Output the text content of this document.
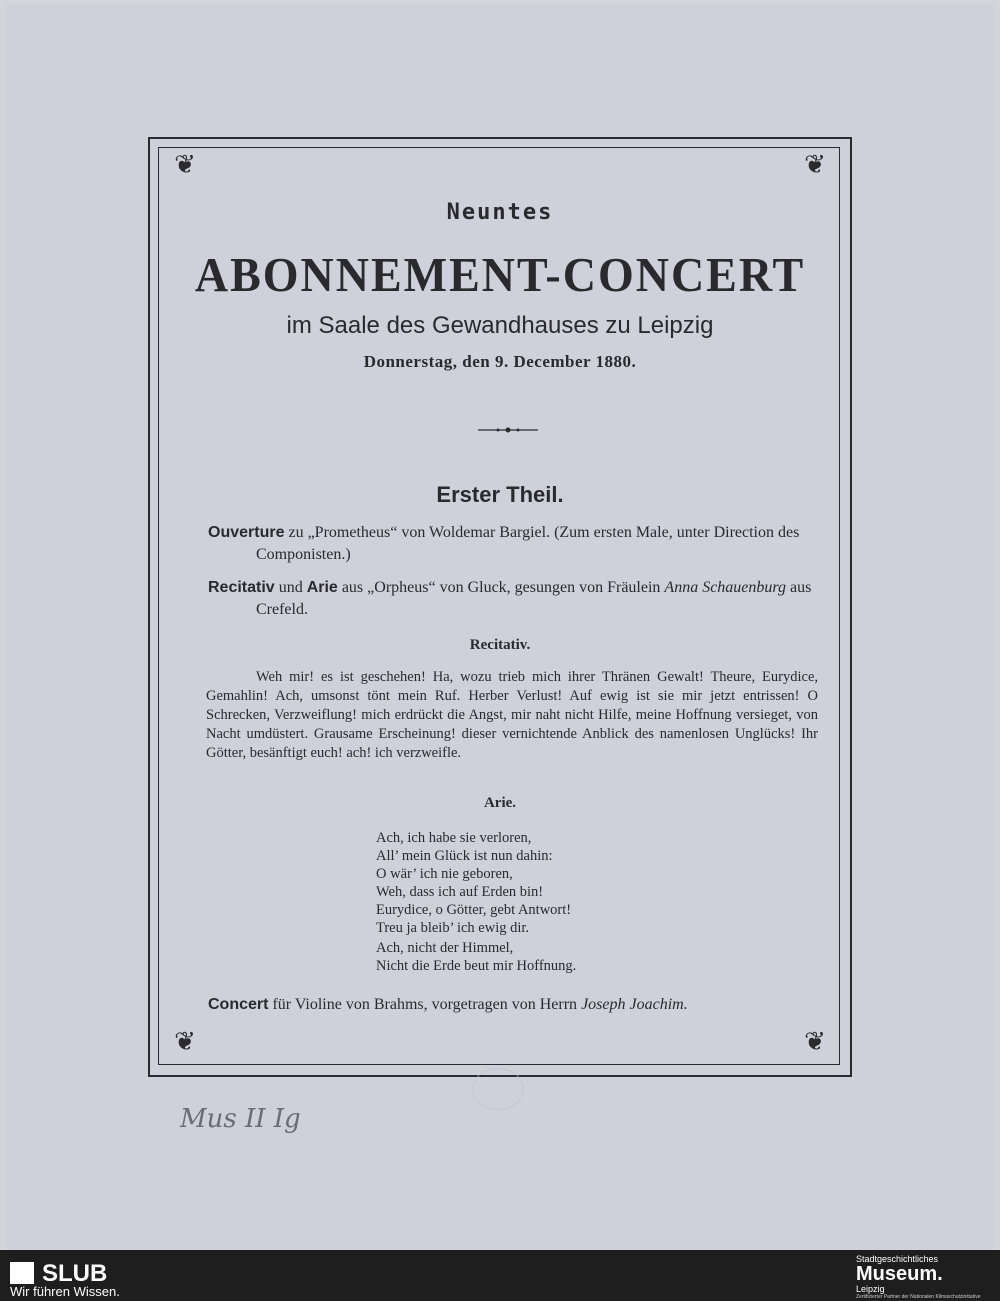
❦	❦
❦	❦
Neuntes
ABONNEMENT-CONCERT
im Saale des Gewandhauses zu Leipzig
Donnerstag, den 9. December 1880.
Erster Theil.
Ouverture zu „Prometheus“ von Woldemar Bargiel. (Zum ersten Male, unter Direction des Componisten.)
Recitativ und Arie aus „Orpheus“ von Gluck, gesungen von Fräulein Anna Schauenburg aus Crefeld.
Recitativ.
Weh mir! es ist geschehen! Ha, wozu trieb mich ihrer Thränen Gewalt! Theure, Eurydice, Gemahlin! Ach, umsonst tönt mein Ruf. Herber Verlust! Auf ewig ist sie mir jetzt entrissen! O Schrecken, Verzweiflung! mich erdrückt die Angst, mir naht nicht Hilfe, meine Hoffnung versieget, von Nacht umdüstert. Grausame Erscheinung! dieser vernichtende Anblick des namenlosen Unglücks! Ihr Götter, besänftigt euch! ach! ich verzweifle.
Arie.
Ach, ich habe sie verloren,
All’ mein Glück ist nun dahin:
O wär’ ich nie geboren,
Weh, dass ich auf Erden bin!
Eurydice, o Götter, gebt Antwort!
Treu ja bleib’ ich ewig dir.
Ach, nicht der Himmel,
Nicht die Erde beut mir Hoffnung.
Concert für Violine von Brahms, vorgetragen von Herrn Joseph Joachim.
Mus II Ig
SLUB
Wir führen Wissen.
Stadtgeschichtliches
Museum.
Leipzig
Zertifizierter Partner der Nationalen Klimaschutzinitiative
